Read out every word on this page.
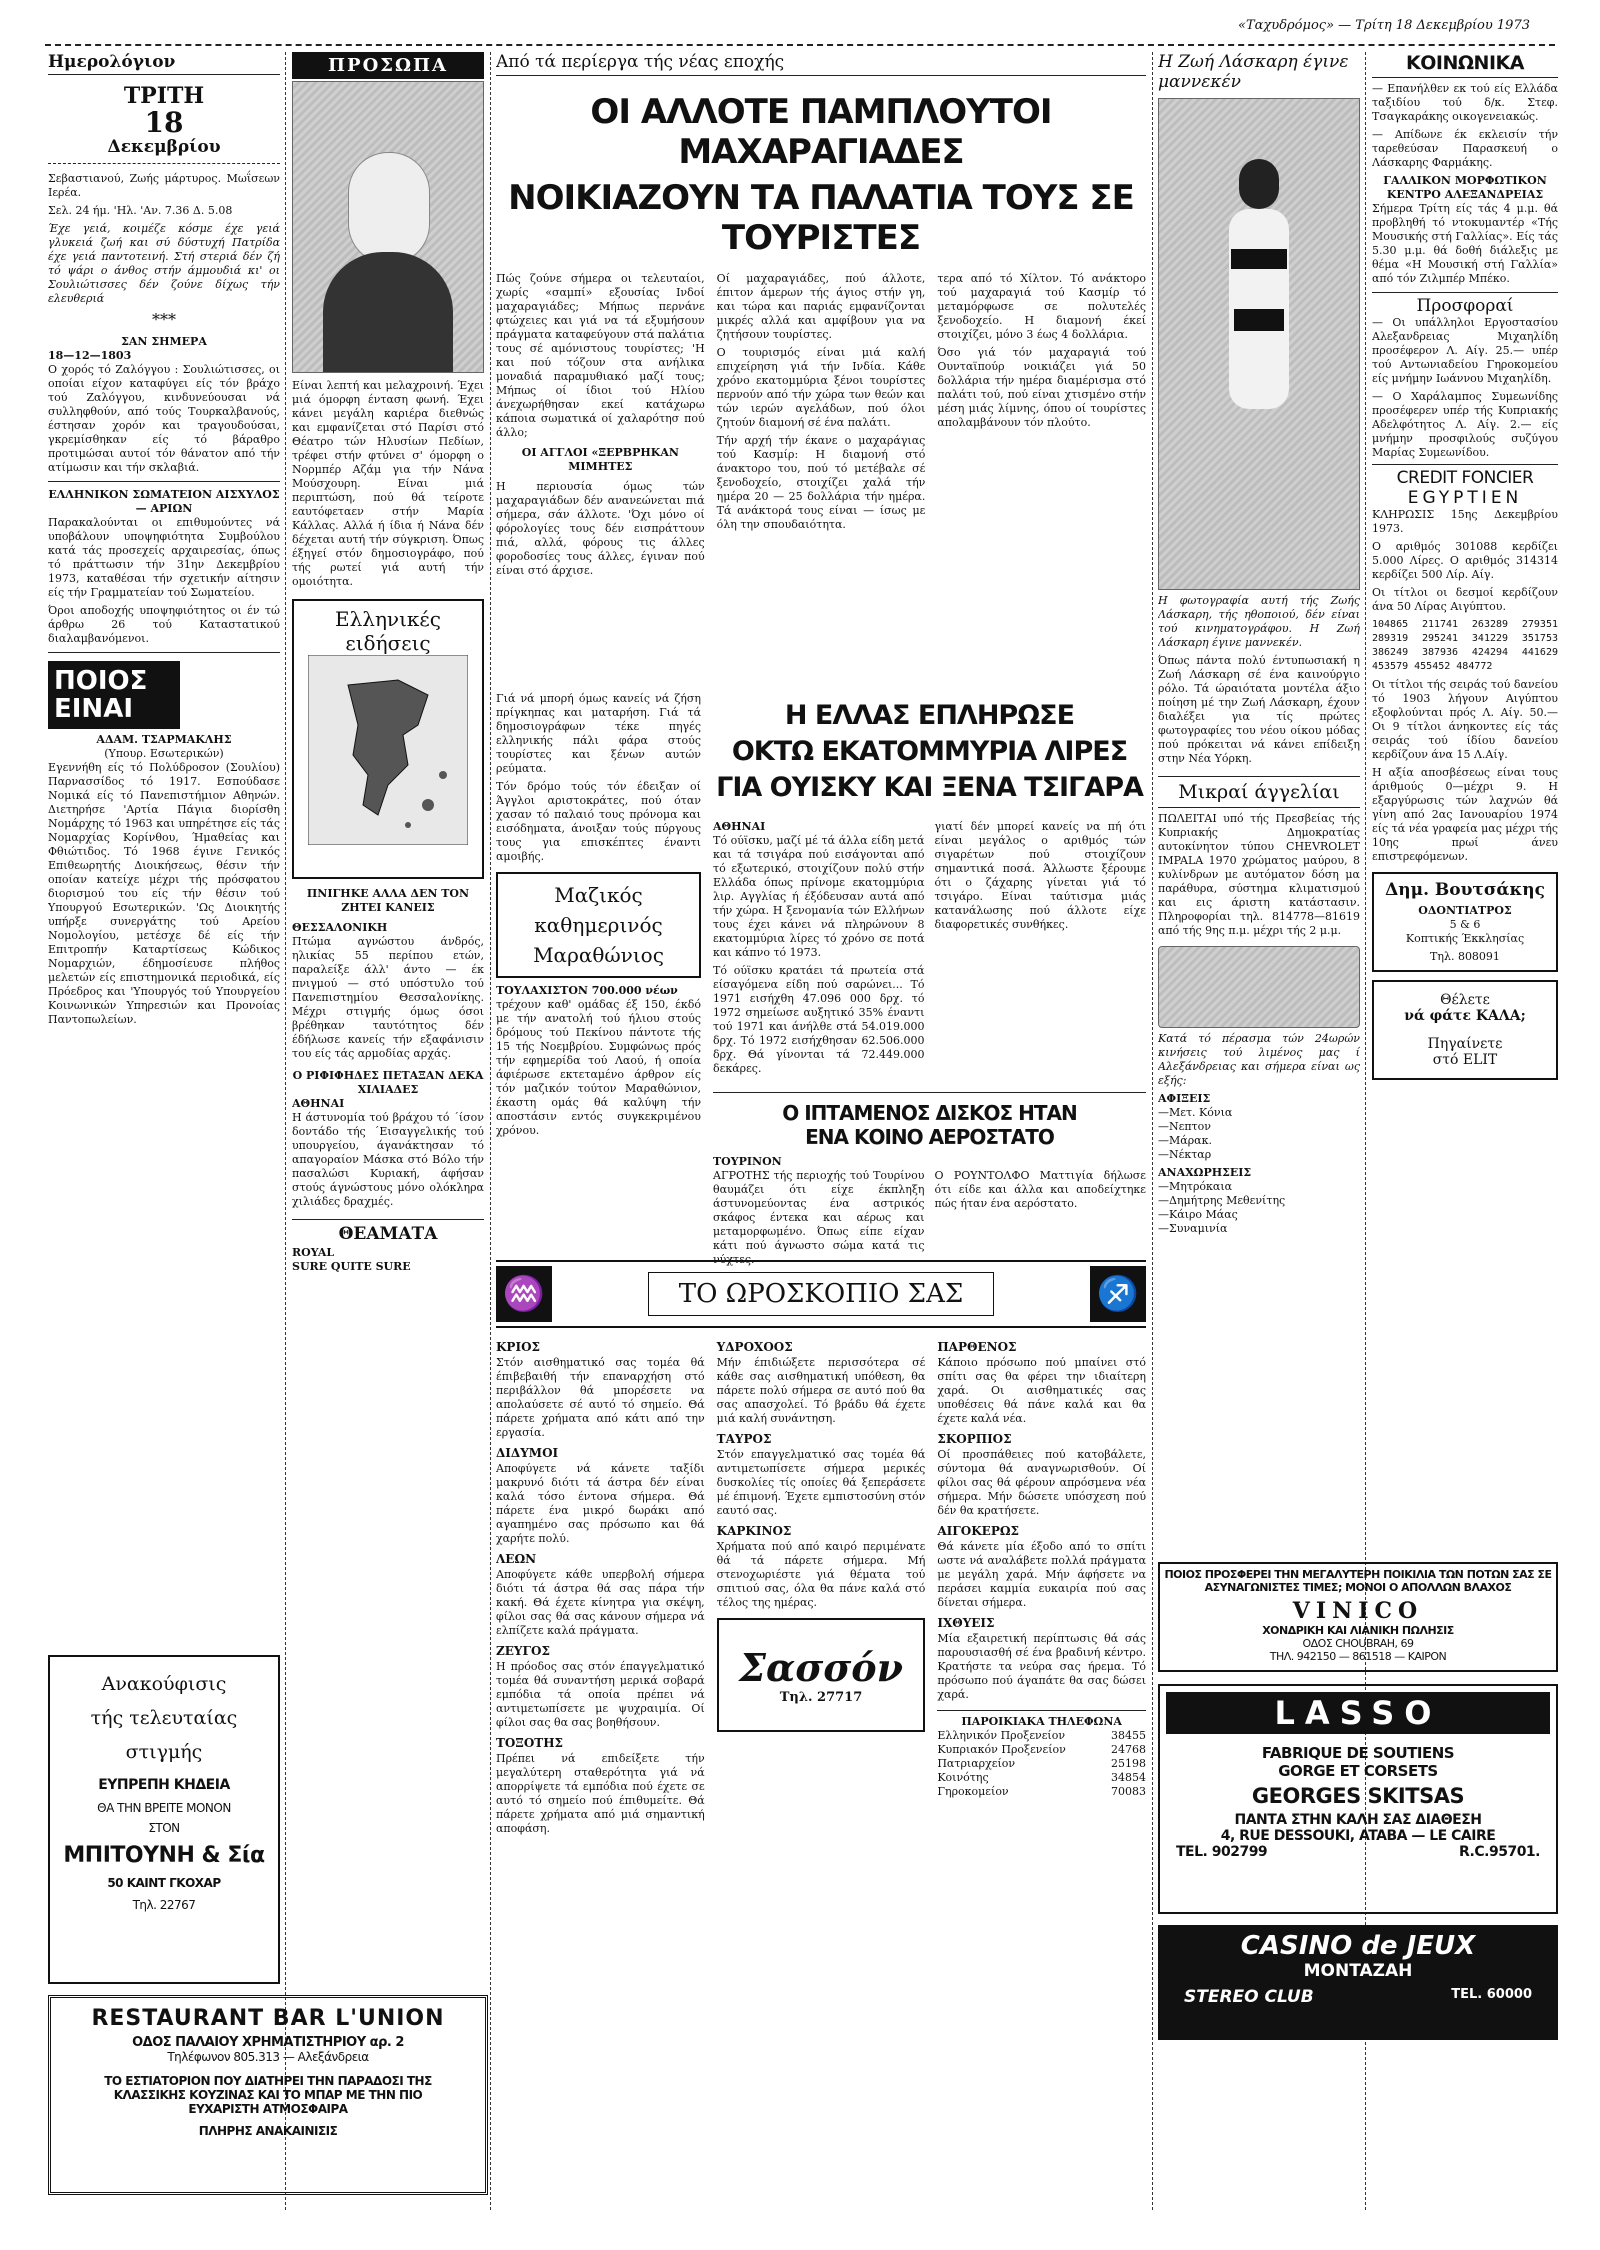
«Ταχυδρόμος» — Τρίτη 18 Δεκεμβρίου 1973
Ημερολόγιον
ΤΡΙΤΗ
18
Δεκεμβρίου

Σεβαστιανού, Ζωής μάρτυρος. Μωΐσεων Ιερέα.

Σελ. 24 ήμ. 'Ηλ. 'Αν. 7.36 Δ. 5.08

Έχε γειά, κοιμέζε κόσμε έχε γειά γλυκειά ζωή και σύ δύστυχή Πατρίδα έχε γειά παντοτεινή. Στή στεριά δέν ζή τό ψάρι ο άνθος στήν άμμουδιά κι' οι Σουλιώτισσες δέν ζούνε δίχως τήν ελευθεριά

***
ΣΑΝ ΣΗΜΕΡΑ
18—12—1803

Ο χορός τό Ζαλόγγου : Σουλιώτισσες, οι οποίαι είχον καταφύγει είς τόν βράχο τού Ζαλόγγου, κινδυνεύουσαι νά συλληφθούν, από τούς Τουρκαλβανούς, έστησαν χορόν και τραγουδούσαι, γκρεμίσθηκαν είς τό βάραθρο προτιμώσαι αυτοί τόν θάνατον από τήν ατίμωσιν και τήν σκλαβιά.

ΕΛΛΗΝΙΚΟΝ ΣΩΜΑΤΕΙΟΝ ΑΙΣΧΥΛΟΣ — ΑΡΙΩΝ

Παρακαλούνται οι επιθυμούντες νά υποβάλουν υποψηφιότητα Συμβούλου κατά τάς προσεχείς αρχαιρεσίας, όπως τό πράττωσιν τήν 31ην Δεκεμβρίου 1973, καταθέσαι τήν σχετικήν αίτησιν είς τήν Γραμματείαν τού Σωματείου.

Όροι αποδοχής υποψηφιότητος οι έν τώ άρθρω 26 τού Καταστατικού διαλαμβανόμενοι.

ΠΟΙΟΣ
ΕΙΝΑΙ
ΑΔΑΜ. ΤΣΑΡΜΑΚΛΗΣ
(Υπουρ. Εσωτερικών)

Εγεννήθη είς τό Πολύδροσον (Σουλίου) Παρνασσίδος τό 1917. Εσπούδασε Νομικά είς τό Πανεπιστήμιον Αθηνών. Διετηρήσε 'Αρτία Πάγια διορίσθη Νομάρχης τό 1963 και υπηρέτησε είς τάς Νομαρχίας Κορίνθου, Ήμαθείας και Φθιώτιδος. Τό 1968 έγινε Γενικός Επιθεωρητής Διοικήσεως, θέσιν τήν οποίαν κατείχε μέχρι τής πρόσφατου διορισμού του είς τήν θέσιν τού Υπουργού Εσωτερικών. 'Ως Διοικητής υπήρξε συνεργάτης τού Αρείου Νομολογίου, μετέσχε δέ είς τήν Επιτροπήν Καταρτίσεως Κώδικος Νομαρχιών, έδημοσίευσε πλήθος μελετών είς επιστημονικά περιοδικά, είς Πρόεδρος και 'Υπουργός τού Υπουργείου Κοινωνικών Υπηρεσιών και Προνοίας Παντοπωλείων.

Ανακούφισις
τής τελευταίας
στιγμής
ΕΥΠΡΕΠΗ ΚΗΔΕΙΑ
ΘΑ ΤΗΝ ΒΡΕΙΤΕ ΜΟΝΟΝ
ΣΤΟΝ
ΜΠΙΤΟΥΝΗ & Σία
50 ΚΑΙΝΤ ΓΚΟΧΑΡ
Τηλ. 22767
ΠΡΟΣΩΠΑ

Είναι λεπτή και μελαχροινή. Έχει μιά όμορφη ένταση φωνή. Έχει κάνει μεγάλη καριέρα διεθνώς και εμφανίζεται στό Παρίσι στό Θέατρο τών Ηλυσίων Πεδίων, τρέφει στήν φτύνει σ' όμορφη ο Νορμπέρ Αζάμ για τήν Νάνα Μούσχουρη. Είναι μιά περιπτώση, πού θά τείροτε εαυτόφεταεν στήν Μαρία Κάλλας. Αλλά ή ίδια ή Νάνα δέν δέχεται αυτή τήν σύγκριση. Όπως έξηγεί στόν δημοσιογράφο, πού τής ρωτεί γιά αυτή τήν ομοιότητα.

Ελληνικές
ειδήσεις
ΠΝΙΓΗΚΕ ΑΛΛΑ ΔΕΝ ΤΟΝ ΖΗΤΕΙ ΚΑΝΕΙΣ
ΘΕΣΣΑΛΟΝΙΚΗ

Πτώμα αγνώστου άνδρός, ηλικίας 55 περίπου ετών, παραλείξε άλλ' άντο — έκ πνιγμού — στό υπόστυλο τού Πανεπιστημίου Θεσσαλονίκης. Μέχρι στιγμής όμως όσοι βρέθηκαν ταυτότητος δέν έδήλωσε κανείς τήν εξαφάνισιν του είς τάς αρμοδίας αρχάς.

Ο ΡΙΦΙΦΗΔΕΣ ΠΕΤΑΞΑΝ ΔΕΚΑ ΧΙΛΙΑΔΕΣ
ΑΘΗΝΑΙ

Η άστυνομία τού βράχου τό ΄ίσον δοντάδο τής ΄Εισαγγελικής τού υπουργείου, άγανάκτησαν τό απαγοραίον Μάσκα στό Βόλο τήν πασαλώσι Κυριακή, άφήσαν στούς άγνώστους μόνο ολόκληρα χιλιάδες δραχμές.

ΘΕΑΜΑΤΑ
ROYAL
SURE QUITE SURE
Από τά περίεργα τής νέας εποχής
ΟΙ ΑΛΛΟΤΕ ΠΑΜΠΛΟΥΤΟΙ ΜΑΧΑΡΑΓΙΑΔΕΣ
ΝΟΙΚΙΑΖΟΥΝ ΤΑ ΠΑΛΑΤΙΑ ΤΟΥΣ ΣΕ ΤΟΥΡΙΣΤΕΣ

Πώς ζούνε σήμερα οι τελευταίοι, χωρίς «σαμπί» εξουσίας Ινδοί μαχαραγιάδες; Μήπως περνάνε φτώχειες και γιά να τά εξυμήσουν πράγματα καταφεύγουν στά παλάτια τους σέ αμόνιστους τουρίστες; 'Η και πού τόζουν στα ανήλικα μοναδιά παραμυθιακό μαζί τους; Μήπως οί ίδιοι τού Ηλίου άνεχωρήθησαν εκεί κατάχωρω κάποια σωματικά οί χαλαρότησ πού άλλο;

ΟΙ ΑΓΓΛΟΙ «ΞΕΡΒΡΗΚΑΝ ΜΙΜΗΤΕΣ

Η περιουσία όμως τών μαχαραγιάδων δέν ανανεώνεται πιά σήμερα, σάν άλλοτε. 'Όχι μόνο οί φόρολογίες τους δέν εισπράττουν πιά, αλλά, φόρους τις άλλες φοροδοσίες τους άλλες, έγιναν πού είναι στό άρχισε.

Οί μαχαραγιάδες, πού άλλοτε, έπιτον άμερων τής άγιος στήν γη, και τώρα και παριάς εμφανίζονται μικρές αλλά και αμφίβουν για να ζητήσουν τουρίστες.

Ο τουρισμός είναι μιά καλή επιχείρηση γιά τήν Ινδία. Κάθε χρόνο εκατομμύρια ξένοι τουρίστες περνούν από τήν χώρα των θεών και τών ιερών αγελάδων, πού όλοι ζητούν διαμονή σέ ένα παλάτι.

Τήν αρχή τήν έκανε ο μαχαράγιας τού Κασμίρ: Η διαμονή στό άνακτορο του, πού τό μετέβαλε σέ ξενοδοχείο, στοιχίζει χαλά τήν ημέρα 20 — 25 δολλάρια τήν ημέρα. Τά ανάκτορά τους είναι — ίσως με όλη την σπουδαιότητα.

τερα από τό Χίλτον. Τό ανάκτορο τού μαχαραγιά τού Κασμίρ τό μεταμόρφωσε σε πολυτελές ξενοδοχείο. Η διαμονή έκεί στοιχίζει, μόνο 3 έως 4 δολλάρια.

Όσο γιά τόν μαχαραγιά τού Ουνταϊπούρ νοικιάζει γιά 50 δολλάρια τήν ημέρα διαμέρισμα στό παλάτι τού, πού είναι χτισμένο στήν μέση μιάς λίμνης, όπου οί τουρίστες απολαμβάνουν τόν πλούτο.

Γιά νά μπορή όμως κανείς νά ζήση πρίγκηπας και ματαρήση. Γιά τά δημοσιογράφων τέκε πηγές ελληνικής πάλι φάρα στούς τουρίστες και ξένων αυτών ρεύματα.

Τόν δρόμο τούς τόν έδειξαν οί Άγγλοι αριστοκράτες, πού όταν χασαν τό παλαιό τους πρόνομα και εισόδηματα, άνοιξαν τούς πύργους τους για επισκέπτες έναντι αμοιβής.

Μαζικός
καθημερινός
Μαραθώνιος
ΤΟΥΛΑΧΙΣΤΟΝ 700.000 νέων

τρέχουν καθ' ομάδας έξ 150, έκδό με τήν ανατολή τού ήλιου στούς δρόμους τού Πεκίνου πάντοτε τής 15 τής Νοεμβρίου. Συμφώνως πρός τήν εφημερίδα τού Λαού, ή οποία άφιέρωσε εκτεταμένο άρθρον είς τόν μαζικόν τούτον Μαραθώνιον, έκαστη ομάς θά καλύψη τήν αποστάσιν εντός συγκεκριμένου χρόνου.

Η ΕΛΛΑΣ ΕΠΛΗΡΩΣΕ
ΟΚΤΩ ΕΚΑΤΟΜΜΥΡΙΑ ΛΙΡΕΣ
ΓΙΑ ΟΥΙΣΚΥ ΚΑΙ ΞΕΝΑ ΤΣΙΓΑΡΑ
ΑΘΗΝΑΙ

Τό ούϊσκυ, μαζί μέ τά άλλα είδη μετά και τά τσιγάρα πού εισάγονται από τό εξωτερικό, στοιχίζουν πολύ στήν Ελλάδα όπως πρίνομε εκατομμύρια λιρ. Αγγλίας ή έξόδευσαν αυτά από τήν χώρα. Η ξενομανία τών Ελλήνων τους έχει κάνει νά πληρώνουν 8 εκατομμύρια λίρες τό χρόνο σε ποτά και κάπνο τό 1973.

Τό ούϊσκυ κρατάει τά πρωτεία στά είσαγόμενα είδη πού σαρώνει... Τό 1971 εισήχθη 47.096 000 δρχ. τό 1972 σημείωσε αυξητικό 35% έναντι τού 1971 και άνήλθε στά 54.019.000 δρχ. Τό 1972 εισήχθησαν 62.506.000 δρχ. Θά γίνονται τά 72.449.000 δεκάρες.

γιατί δέν μπορεί κανείς να πή ότι είναι μεγάλος ο αριθμός τών σιγαρέτων πού στοιχίζουν σημαντικά ποσά. Άλλωστε ξέρουμε ότι ο ζάχαρης γίνεται γιά τό τσιγάρο. Είναι ταύτισμα μιάς κατανάλωσης πού άλλοτε είχε διαφορετικές συνθήκες.

Ο ΙΠΤΑΜΕΝΟΣ ΔΙΣΚΟΣ ΗΤΑΝ
ΕΝΑ ΚΟΙΝΟ ΑΕΡΟΣΤΑΤΟ
ΤΟΥΡΙΝΟΝ

ΑΓΡΟΤΗΣ τής περιοχής τού Τουρίνου θαυμάζει ότι είχε έκπληξη άστυνομεύοντας ένα αστρικός σκάφος έντεκα και αέρως και μεταμορφωμένο. Όπως είπε είχαν κάτι πού άγνωστο σώμα κατά τις νύχτες.

Ο ΡΟΥΝΤΟΛΦΟ Ματτιγία δήλωσε ότι είδε και άλλα και αποδείχτηκε πώς ήταν ένα αερόστατο.

♒	ΤΟ ΩΡΟΣΚΟΠΙΟ ΣΑΣ	♐
ΚΡΙΟΣ

Στόν αισθηματικό σας τομέα θά έπιβεβαιθή τήν επαναρχήση στό περιβάλλον θά μπορέσετε να απολαύσετε σέ αυτό τό σημείο. Θά πάρετε χρήματα από κάτι από την εργασία.

ΔΙΔΥΜΟΙ

Αποφύγετε νά κάνετε ταξίδι μακρυνό διότι τά άστρα δέν είναι καλά τόσο έντονα σήμερα. Θά πάρετε ένα μικρό δωράκι από αγαπημένο σας πρόσωπο και θά χαρήτε πολύ.

ΛΕΩΝ

Αποφύγετε κάθε υπερβολή σήμερα διότι τά άστρα θά σας πάρα τήν κακή. Θά έχετε κίνητρα για σκέψη, φίλοι σας θά σας κάνουν σήμερα νά ελπίζετε καλά πράγματα.

ΖΕΥΓΟΣ

Η πρόοδος σας στόν έπαγγελματικό τομέα θά συναντήση μερικά σοβαρά εμπόδια τά οποία πρέπει νά αντιμετωπίσετε με ψυχραιμία. Οί φίλοι σας θα σας βοηθήσουν.

ΤΟΞΟΤΗΣ

Πρέπει νά επιδείξετε τήν μεγαλύτερη σταθερότητα γιά νά απορρίψετε τά εμπόδια πού έχετε σε αυτό τό σημείο πού έπιθυμείτε. Θά πάρετε χρήματα από μιά σημαντική αποφάση.

ΥΔΡΟΧΟΟΣ

Μήν έπιδιώξετε περισσότερα σέ κάθε σας αισθηματική υπόθεση, θα πάρετε πολύ σήμερα σε αυτό πού θα σας απασχολεί. Τό βράδυ θά έχετε μιά καλή συνάντηση.

ΤΑΥΡΟΣ

Στόν επαγγελματικό σας τομέα θά αντιμετωπίσετε σήμερα μερικές δυσκολίες τίς οποίες θά ξεπεράσετε μέ έπιμονή. Έχετε εμπιστοσύνη στόν εαυτό σας.

ΚΑΡΚΙΝΟΣ

Χρήματα πού από καιρό περιμένατε θά τά πάρετε σήμερα. Μή στενοχωριέστε γιά θέματα τού σπιτιού σας, όλα θα πάνε καλά στό τέλος της ημέρας.

Σασσόν
Τηλ. 27717
ΠΑΡΘΕΝΟΣ

Κάποιο πρόσωπο πού μπαίνει στό σπίτι σας θα φέρει την ιδιαίτερη χαρά. Οι αισθηματικές σας υποθέσεις θά πάνε καλά και θα έχετε καλά νέα.

ΣΚΟΡΠΙΟΣ

Οί προσπάθειες πού κατοβάλετε, σύντομα θά αναγνωρισθούν. Οί φίλοι σας θά φέρουν απρόσμενα νέα σήμερα. Μήν δώσετε υπόσχεση πού δέν θα κρατήσετε.

ΑΙΓΟΚΕΡΩΣ

Θά κάνετε μία έξοδο από το σπίτι ωστε νά αναλάβετε πολλά πράγματα με μεγάλη χαρά. Μήν άφήσετε να περάσει καμμία ευκαιρία πού σας δίνεται σήμερα.

ΙΧΘΥΕΙΣ

Μία εξαιρετική περίπτωσις θά σάς παρουσιασθή σέ ένα βραδινή κέντρο. Κρατήστε τα νεύρα σας ήρεμα. Τό πρόσωπο πού άγαπάτε θα σας δώσει χαρά.

ΠΑΡΟΙΚΙΑΚΑ ΤΗΛΕΦΩΝΑ
Ελληνικόν Προξενείον	38455
Κυπριακόν Προξενείον	24768
Πατριαρχείον	25198
Κοινότης	34854
Γηροκομείον	70083
Η Ζωή Λάσκαρη έγινε μαννεκέν

Η φωτογραφία αυτή τής Ζωής Λάσκαρη, τής ηθοποιού, δέν είναι τού κινηματογράφου. Η Ζωή Λάσκαρη έγινε μαννεκέν.

Όπως πάντα πολύ έντυπωσιακή η Ζωή Λάσκαρη σέ ένα καινούργιο ρόλο. Τά ώραιότατα μοντέλα άξιο ποίηση μέ την Ζωή Λάσκαρη, έχουν διαλέξει για τίς πρώτες φωτογραφίες του νέου οίκου μόδας πού πρόκειται νά κάνει επίδειξη στην Νέα Υόρκη.

Μικραί άγγελίαι

ΠΩΛΕΙΤΑΙ υπό τής Πρεσβείας τής Κυπριακής Δημοκρατίας αυτοκίνητον τύπου CHEVROLET IMPALA 1970 χρώματος μαύρου, 8 κυλίνδρων με αυτόματον δόση μα παράθυρα, σύστημα κλιματισμού και εις άριστη κατάστασιν. Πληροφορίαι τηλ. 814778—81619 από τής 9ης π.μ. μέχρι τής 2 μ.μ.

Κατά τό πέρασμα τών 24ωρών κινήσεις τού λιμένος μας ί Αλεξάνδρειας και σήμερα είναι ως εξής:

ΑΦΙΞΕΙΣ
—Μετ. Κόνια
—Νεπτον
—Μάρακ.
—Νέκταρ
ΑΝΑΧΩΡΗΣΕΙΣ
—Μητρόκαια
—Δημήτρης Μεθενίτης
—Κάιρο Μάας
—Συναμινία
ΚΟΙΝΩΝΙΚΑ

— Επανήλθεν εκ τού είς Ελλάδα ταξιδίου τού δ/κ. Στεφ. Τσαγκαράκης οικογενειακώς.

— Απίδωνε έκ εκλεισίν τήν ταρεθεύσαν Παρασκευή ο Λάσκαρης Φαρμάκης.

ΓΑΛΛΙΚΟΝ ΜΟΡΦΩΤΙΚΟΝ ΚΕΝΤΡΟ ΑΛΕΞΑΝΔΡΕΙΑΣ

Σήμερα Τρίτη είς τάς 4 μ.μ. θά προβληθή τό ντοκυμαντέρ «Τής Μουσικής στή Γαλλίας». Είς τάς 5.30 μ.μ. θά δοθή διάλεξις με θέμα «Η Μουσική στή Γαλλία» από τόν Ζιλμπέρ Μπέκο.

Προσφοραί

— Οι υπάλληλοι Εργοστασίου Αλεξανδρειας Μιχαηλίδη προσέφερον Λ. Αίγ. 25.— υπέρ τού Αντωνιαδείου Γηροκομείου είς μνήμην Ιωάννου Μιχαηλίδη.

— Ο Χαράλαμπος Συμεωνίδης προσέφερεν υπέρ τής Κυπριακής Αδελφότητος Λ. Αίγ. 2.— είς μνήμην προσφιλούς συζύγου Μαρίας Συμεωνίδου.

CREDIT FONCIER
EGYPTIEN

ΚΛΗΡΩΣΙΣ 15ης Δεκεμβρίου 1973.

Ο αριθμός 301088 κερδίζει 5.000 Λίρες. Ο αριθμός 314314 κερδίζει 500 Λίρ. Αίγ.

Οι τίτλοι οι δεσμοί κερδίζουν άνα 50 Λίρας Αιγύπτου.

104865 211741 263289 279351 289319 295241 341229 351753 386249 387936 424294 441629 453579 455452 484772

Οι τίτλοι τής σειράς τού δανείου τό 1903 λήγουν Αιγύπτου εξοφλούνται πρός Λ. Αίγ. 50.— Οι 9 τίτλοι άνηκοντες είς τάς σειράς τού ίδίου δανείου κερδίζουν άνα 15 Λ.Αίγ.

Η αξία αποσβέσεως είναι τους άριθμούς 0—μέχρι 9. Η εξαργύρωσις τών λαχνών θά γίνη από 2ας Ιανουαρίου 1974 είς τά νέα γραφεία μας μέχρι τής 10ης πρωί άνευ επιστρεφόμενων.

Δημ. Βουτσάκης
ΟΔΟΝΤΙΑΤΡΟΣ
5 & 6
Κοπτικής Έκκλησίας
Τηλ. 808091
Θέλετε
νά φάτε ΚΑΛΑ;
Πηγαίνετε
στό ELIT
ΠΟΙΟΣ ΠΡΟΣΦΕΡΕΙ ΤΗΝ ΜΕΓΑΛΥΤΕΡΗ ΠΟΙΚΙΛΙΑ ΤΩΝ ΠΟΤΩΝ ΣΑΣ ΣΕ ΑΣΥΝΑΓΩΝΙΣΤΕΣ ΤΙΜΕΣ; ΜΟΝΟΙ Ο ΑΠΟΛΛΩΝ ΒΛΑΧΟΣ
VINICO
ΧΟΝΔΡΙΚΗ ΚΑΙ ΛΙΑΝΙΚΗ ΠΩΛΗΣΙΣ
ΟΔΟΣ CHOUBRAH, 69
ΤΗΛ. 942150 — 861518 — ΚΑΙΡΟΝ
LASSO
FABRIQUE DE SOUTIENS
GORGE ET CORSETS
GEORGES SKITSAS
ΠΑΝΤΑ ΣΤΗΝ ΚΑΛΗ ΣΑΣ ΔΙΑΘΕΣΗ
4, RUE DESSOUKI, ATABA — LE CAIRE
TEL. 902799	R.C.95701.
RESTAURANT BAR L'UNION
ΟΔΟΣ ΠΑΛΑΙΟΥ ΧΡΗΜΑΤΙΣΤΗΡΙΟΥ αρ. 2
Τηλέφωνον 805.313 — Αλεξάνδρεια
ΤΟ ΕΣΤΙΑΤΟΡΙΟΝ ΠΟΥ ΔΙΑΤΗΡΕΙ ΤΗΝ ΠΑΡΑΔΟΣΙ ΤΗΣ ΚΛΑΣΣΙΚΗΣ ΚΟΥΖΙΝΑΣ ΚΑΙ ΤΟ ΜΠΑΡ ΜΕ ΤΗΝ ΠΙΟ ΕΥΧΑΡΙΣΤΗ ΑΤΜΟΣΦΑΙΡΑ
ΠΛΗΡΗΣ ΑΝΑΚΑΙΝΙΣΙΣ
CASINO de JEUX
MONTAZAH
STEREO CLUB	TEL. 60000
